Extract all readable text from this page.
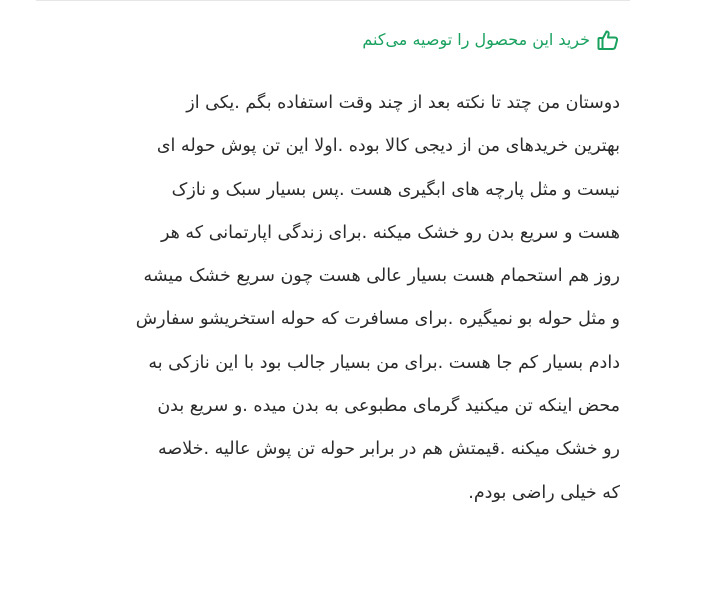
خرید این محصول را توصیه می‌کنم

دوستان من چتد تا نکته بعد از چند وقت استفاده بگم .یکی از
بهترین خریدهای من از دیجی کالا بوده .اولا این تن پوش حوله ای
نیست و مثل پارچه های ابگیری هست .پس بسیار سبک و نازک
هست و سریع بدن رو خشک میکنه .برای زندگی اپارتمانی که هر
روز هم استحمام هست بسیار عالی هست چون سریع خشک میشه
و مثل حوله بو نمیگیره .برای مسافرت که حوله استخریشو سفارش
دادم بسیار کم جا هست .برای من بسیار جالب بود با این نازکی به
محض اینکه تن میکنید گرمای مطبوعی به بدن میده .و سریع بدن
رو خشک میکنه .قیمتش هم در برابر حوله تن پوش عالیه .خلاصه
که خیلی راضی بودم.
